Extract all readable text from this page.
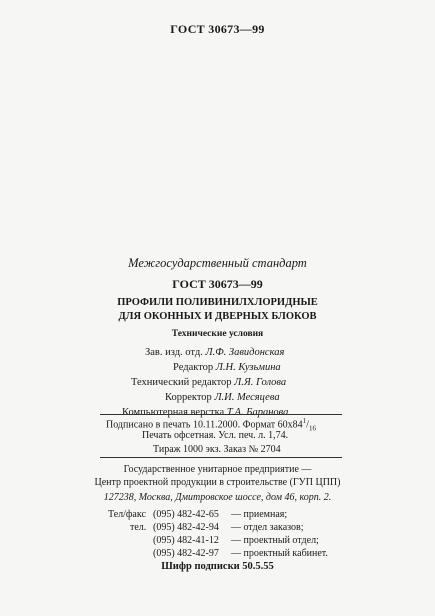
ГОСТ 30673—99
Межгосударственный стандарт
ГОСТ 30673—99
ПРОФИЛИ ПОЛИВИНИЛХЛОРИДНЫЕ
ДЛЯ ОКОННЫХ И ДВЕРНЫХ БЛОКОВ
Технические условия
Зав. изд. отд. Л.Ф. Завидонская
Редактор Л.Н. Кузьмина
Технический редактор Л.Я. Голова
Корректор Л.И. Месяцева
Компьютерная верстка Т.А. Баранова
Подписано в печать 10.11.2000. Формат $60х84^1/_{16}$
Печать офсетная. Усл. печ. л. 1,74.
Тираж 1000 экз. Заказ № 2704
Государственное унитарное предприятие —
Центр проектной продукции в строительстве (ГУП ЦПП)
127238, Москва, Дмитровское шоссе, дом 46, корп. 2.
Тел/факс (095) 482-42-65 — приемная;
тел. (095) 482-42-94 — отдел заказов;
(095) 482-41-12 — проектный отдел;
(095) 482-42-97 — проектный кабинет.
Шифр подписки 50.5.55
